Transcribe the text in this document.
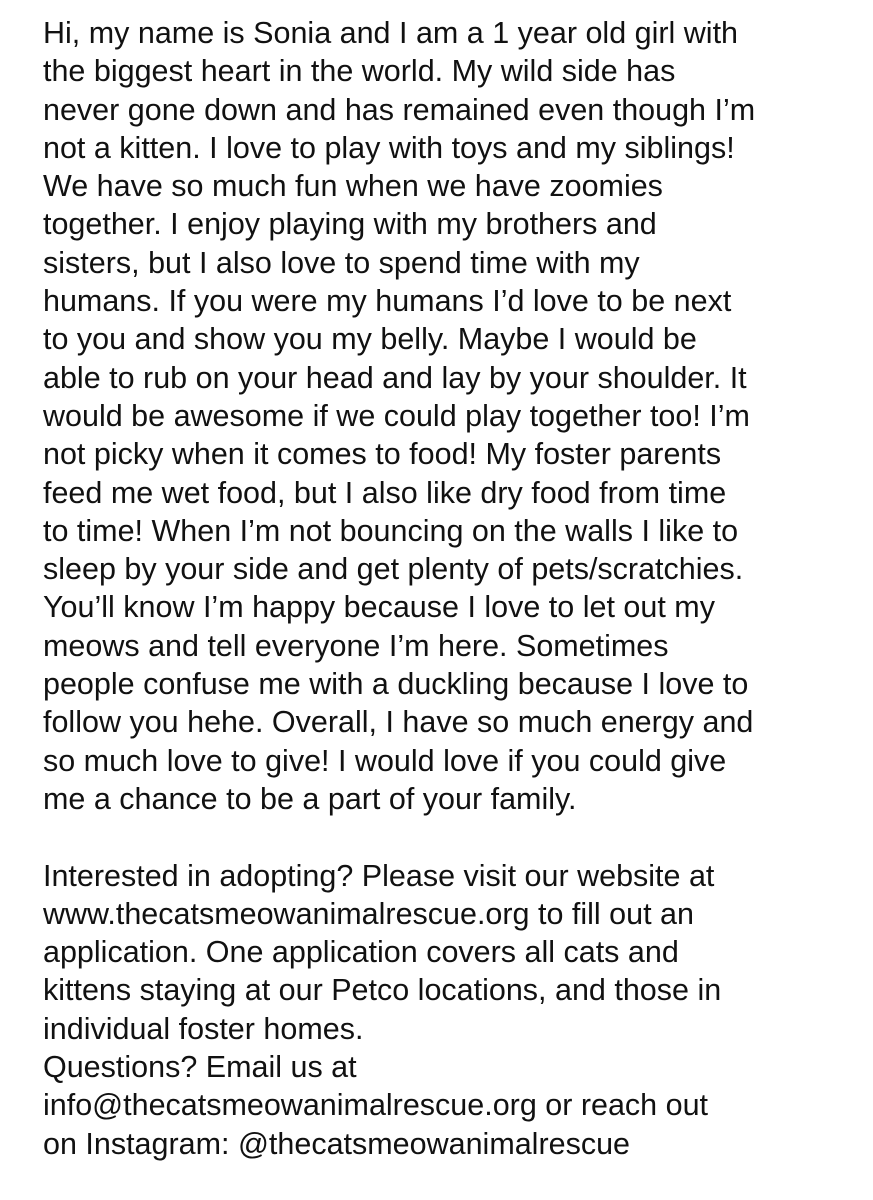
Hi, my name is Sonia and I am a 1 year old girl with
the biggest heart in the world. My wild side has
never gone down and has remained even though I’m
not a kitten. I love to play with toys and my siblings!
We have so much fun when we have zoomies
together. I enjoy playing with my brothers and
sisters, but I also love to spend time with my
humans. If you were my humans I’d love to be next
to you and show you my belly. Maybe I would be
able to rub on your head and lay by your shoulder. It
would be awesome if we could play together too! I’m
not picky when it comes to food! My foster parents
feed me wet food, but I also like dry food from time
to time! When I’m not bouncing on the walls I like to
sleep by your side and get plenty of pets/scratchies.
You’ll know I’m happy because I love to let out my
meows and tell everyone I’m here. Sometimes
people confuse me with a duckling because I love to
follow you hehe. Overall, I have so much energy and
so much love to give! I would love if you could give
me a chance to be a part of your family.
Interested in adopting? Please visit our website at
www.thecatsmeowanimalrescue.org to fill out an
application. One application covers all cats and
kittens staying at our Petco locations, and those in
individual foster homes.
Questions? Email us at
info@thecatsmeowanimalrescue.org or reach out
on Instagram: @thecatsmeowanimalrescue
